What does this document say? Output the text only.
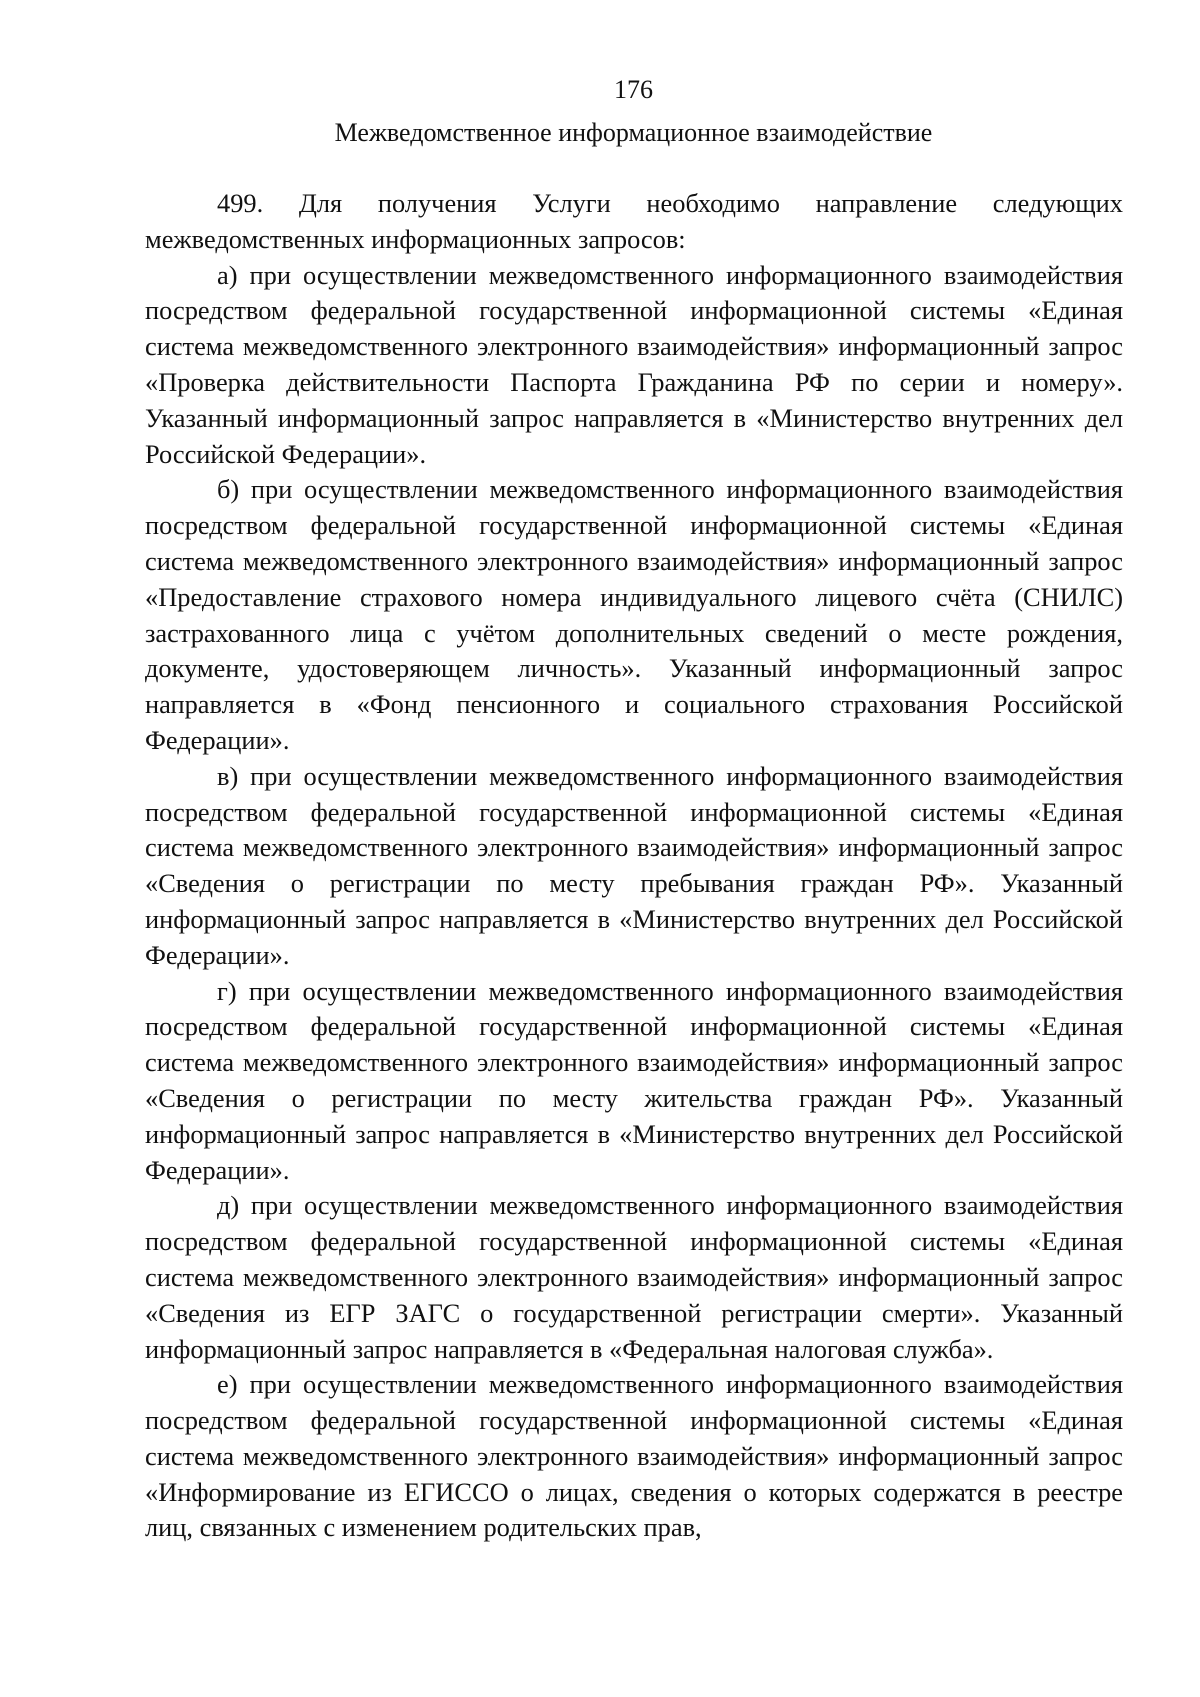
176
Межведомственное информационное взаимодействие

499. Для получения Услуги необходимо направление следующих межведомственных информационных запросов:

а) при осуществлении межведомственного информационного взаимодействия посредством федеральной государственной информационной системы «Единая система межведомственного электронного взаимодействия» информационный запрос «Проверка действительности Паспорта Гражданина РФ по серии и номеру». Указанный информационный запрос направляется в «Министерство внутренних дел Российской Федерации».

б) при осуществлении межведомственного информационного взаимодействия посредством федеральной государственной информационной системы «Единая система межведомственного электронного взаимодействия» информационный запрос «Предоставление страхового номера индивидуального лицевого счёта (СНИЛС) застрахованного лица с учётом дополнительных сведений о месте рождения, документе, удостоверяющем личность». Указанный информационный запрос направляется в «Фонд пенсионного и социального страхования Российской Федерации».

в) при осуществлении межведомственного информационного взаимодействия посредством федеральной государственной информационной системы «Единая система межведомственного электронного взаимодействия» информационный запрос «Сведения о регистрации по месту пребывания граждан РФ». Указанный информационный запрос направляется в «Министерство внутренних дел Российской Федерации».

г) при осуществлении межведомственного информационного взаимодействия посредством федеральной государственной информационной системы «Единая система межведомственного электронного взаимодействия» информационный запрос «Сведения о регистрации по месту жительства граждан РФ». Указанный информационный запрос направляется в «Министерство внутренних дел Российской Федерации».

д) при осуществлении межведомственного информационного взаимодействия посредством федеральной государственной информационной системы «Единая система межведомственного электронного взаимодействия» информационный запрос «Сведения из ЕГР ЗАГС о государственной регистрации смерти». Указанный информационный запрос направляется в «Федеральная налоговая служба».

е) при осуществлении межведомственного информационного взаимодействия посредством федеральной государственной информационной системы «Единая система межведомственного электронного взаимодействия» информационный запрос «Информирование из ЕГИССО о лицах, сведения о которых содержатся в реестре лиц, связанных с изменением родительских прав,
